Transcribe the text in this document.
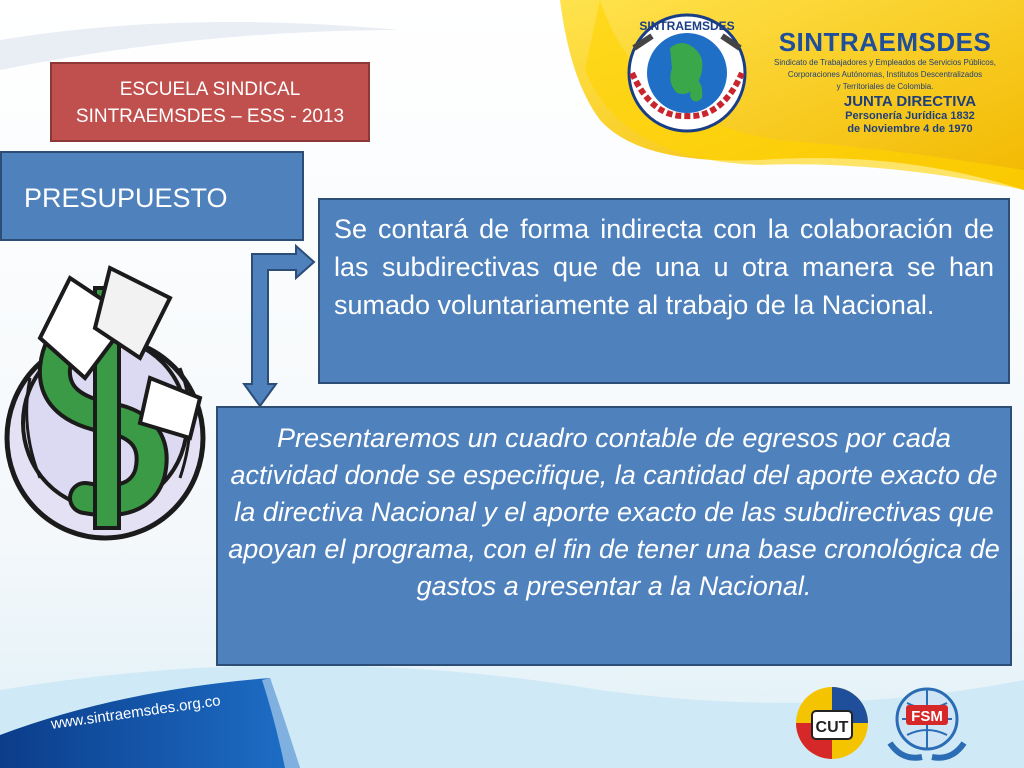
SINTRAEMSDES
SINTRAEMSDES
Sindicato de Trabajadores y Empleados de Servicios Públicos,
Corporaciones Autónomas, Institutos Descentralizados
y Territoriales de Colombia.
JUNTA DIRECTIVA
Personería Jurídica 1832
de Noviembre 4 de 1970
ESCUELA SINDICAL
SINTRAEMSDES – ESS - 2013
PRESUPUESTO
Se contará de forma indirecta con la colaboración de las subdirectivas que de una u otra manera se han sumado voluntariamente al trabajo de la Nacional.
Presentaremos un cuadro contable de egresos por cada actividad donde se especifique, la cantidad del aporte exacto de la directiva Nacional y el aporte exacto de las subdirectivas que apoyan el programa, con el fin de tener una base cronológica de gastos a presentar a la Nacional.
www.sintraemsdes.org.co	CUT
FSM
